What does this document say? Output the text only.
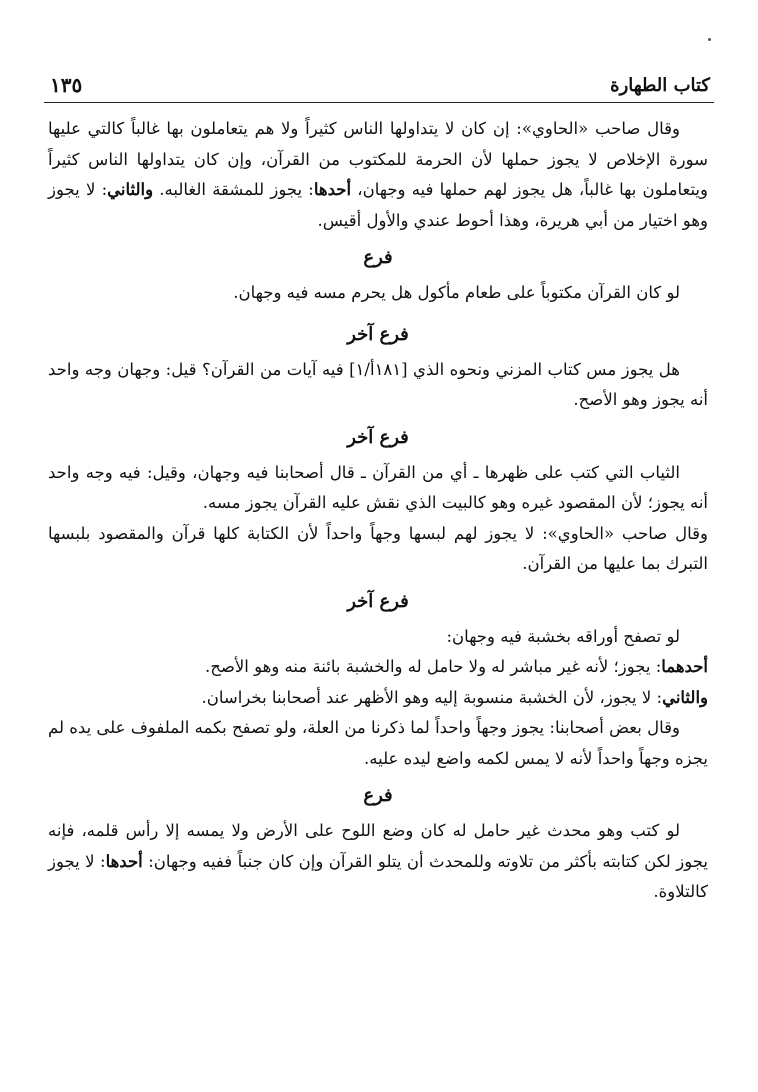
كتاب الطهارة
١٣٥

وقال صاحب «الحاوي»: إن كان لا يتداولها الناس كثيراً ولا هم يتعاملون بها غالباً كالتي عليها سورة الإخلاص لا يجوز حملها لأن الحرمة للمكتوب من القرآن، وإن كان يتداولها الناس كثيراً ويتعاملون بها غالباً، هل يجوز لهم حملها فيه وجهان، أحدها: يجوز للمشقة الغالبه. والثاني: لا يجوز وهو اختيار من أبي هريرة، وهذا أحوط عندي والأول أقيس.

فرع

لو كان القرآن مكتوباً على طعام مأكول هل يحرم مسه فيه وجهان.

فرع آخر

هل يجوز مس كتاب المزني ونحوه الذي [١٨١أ/١] فيه آيات من القرآن؟ قيل: وجهان وجه واحد أنه يجوز وهو الأصح.

فرع آخر

الثياب التي كتب على ظهرها ـ أي من القرآن ـ قال أصحابنا فيه وجهان، وقيل: فيه وجه واحد أنه يجوز؛ لأن المقصود غيره وهو كالبيت الذي نقش عليه القرآن يجوز مسه.

وقال صاحب «الحاوي»: لا يجوز لهم لبسها وجهاً واحداً لأن الكتابة كلها قرآن والمقصود بلبسها التبرك بما عليها من القرآن.

فرع آخر

لو تصفح أوراقه بخشبة فيه وجهان:

أحدهما: يجوز؛ لأنه غير مباشر له ولا حامل له والخشبة بائنة منه وهو الأصح.

والثاني: لا يجوز، لأن الخشبة منسوبة إليه وهو الأظهر عند أصحابنا بخراسان.

وقال بعض أصحابنا: يجوز وجهاً واحداً لما ذكرنا من العلة، ولو تصفح بكمه الملفوف على يده لم يجزه وجهاً واحداً لأنه لا يمس لكمه واضع ليده عليه.

فرع

لو كتب وهو محدث غير حامل له كان وضع اللوح على الأرض ولا يمسه إلا رأس قلمه، فإنه يجوز لكن كتابته بأكثر من تلاوته وللمحدث أن يتلو القرآن وإن كان جنباً ففيه وجهان: أحدها: لا يجوز كالتلاوة.
